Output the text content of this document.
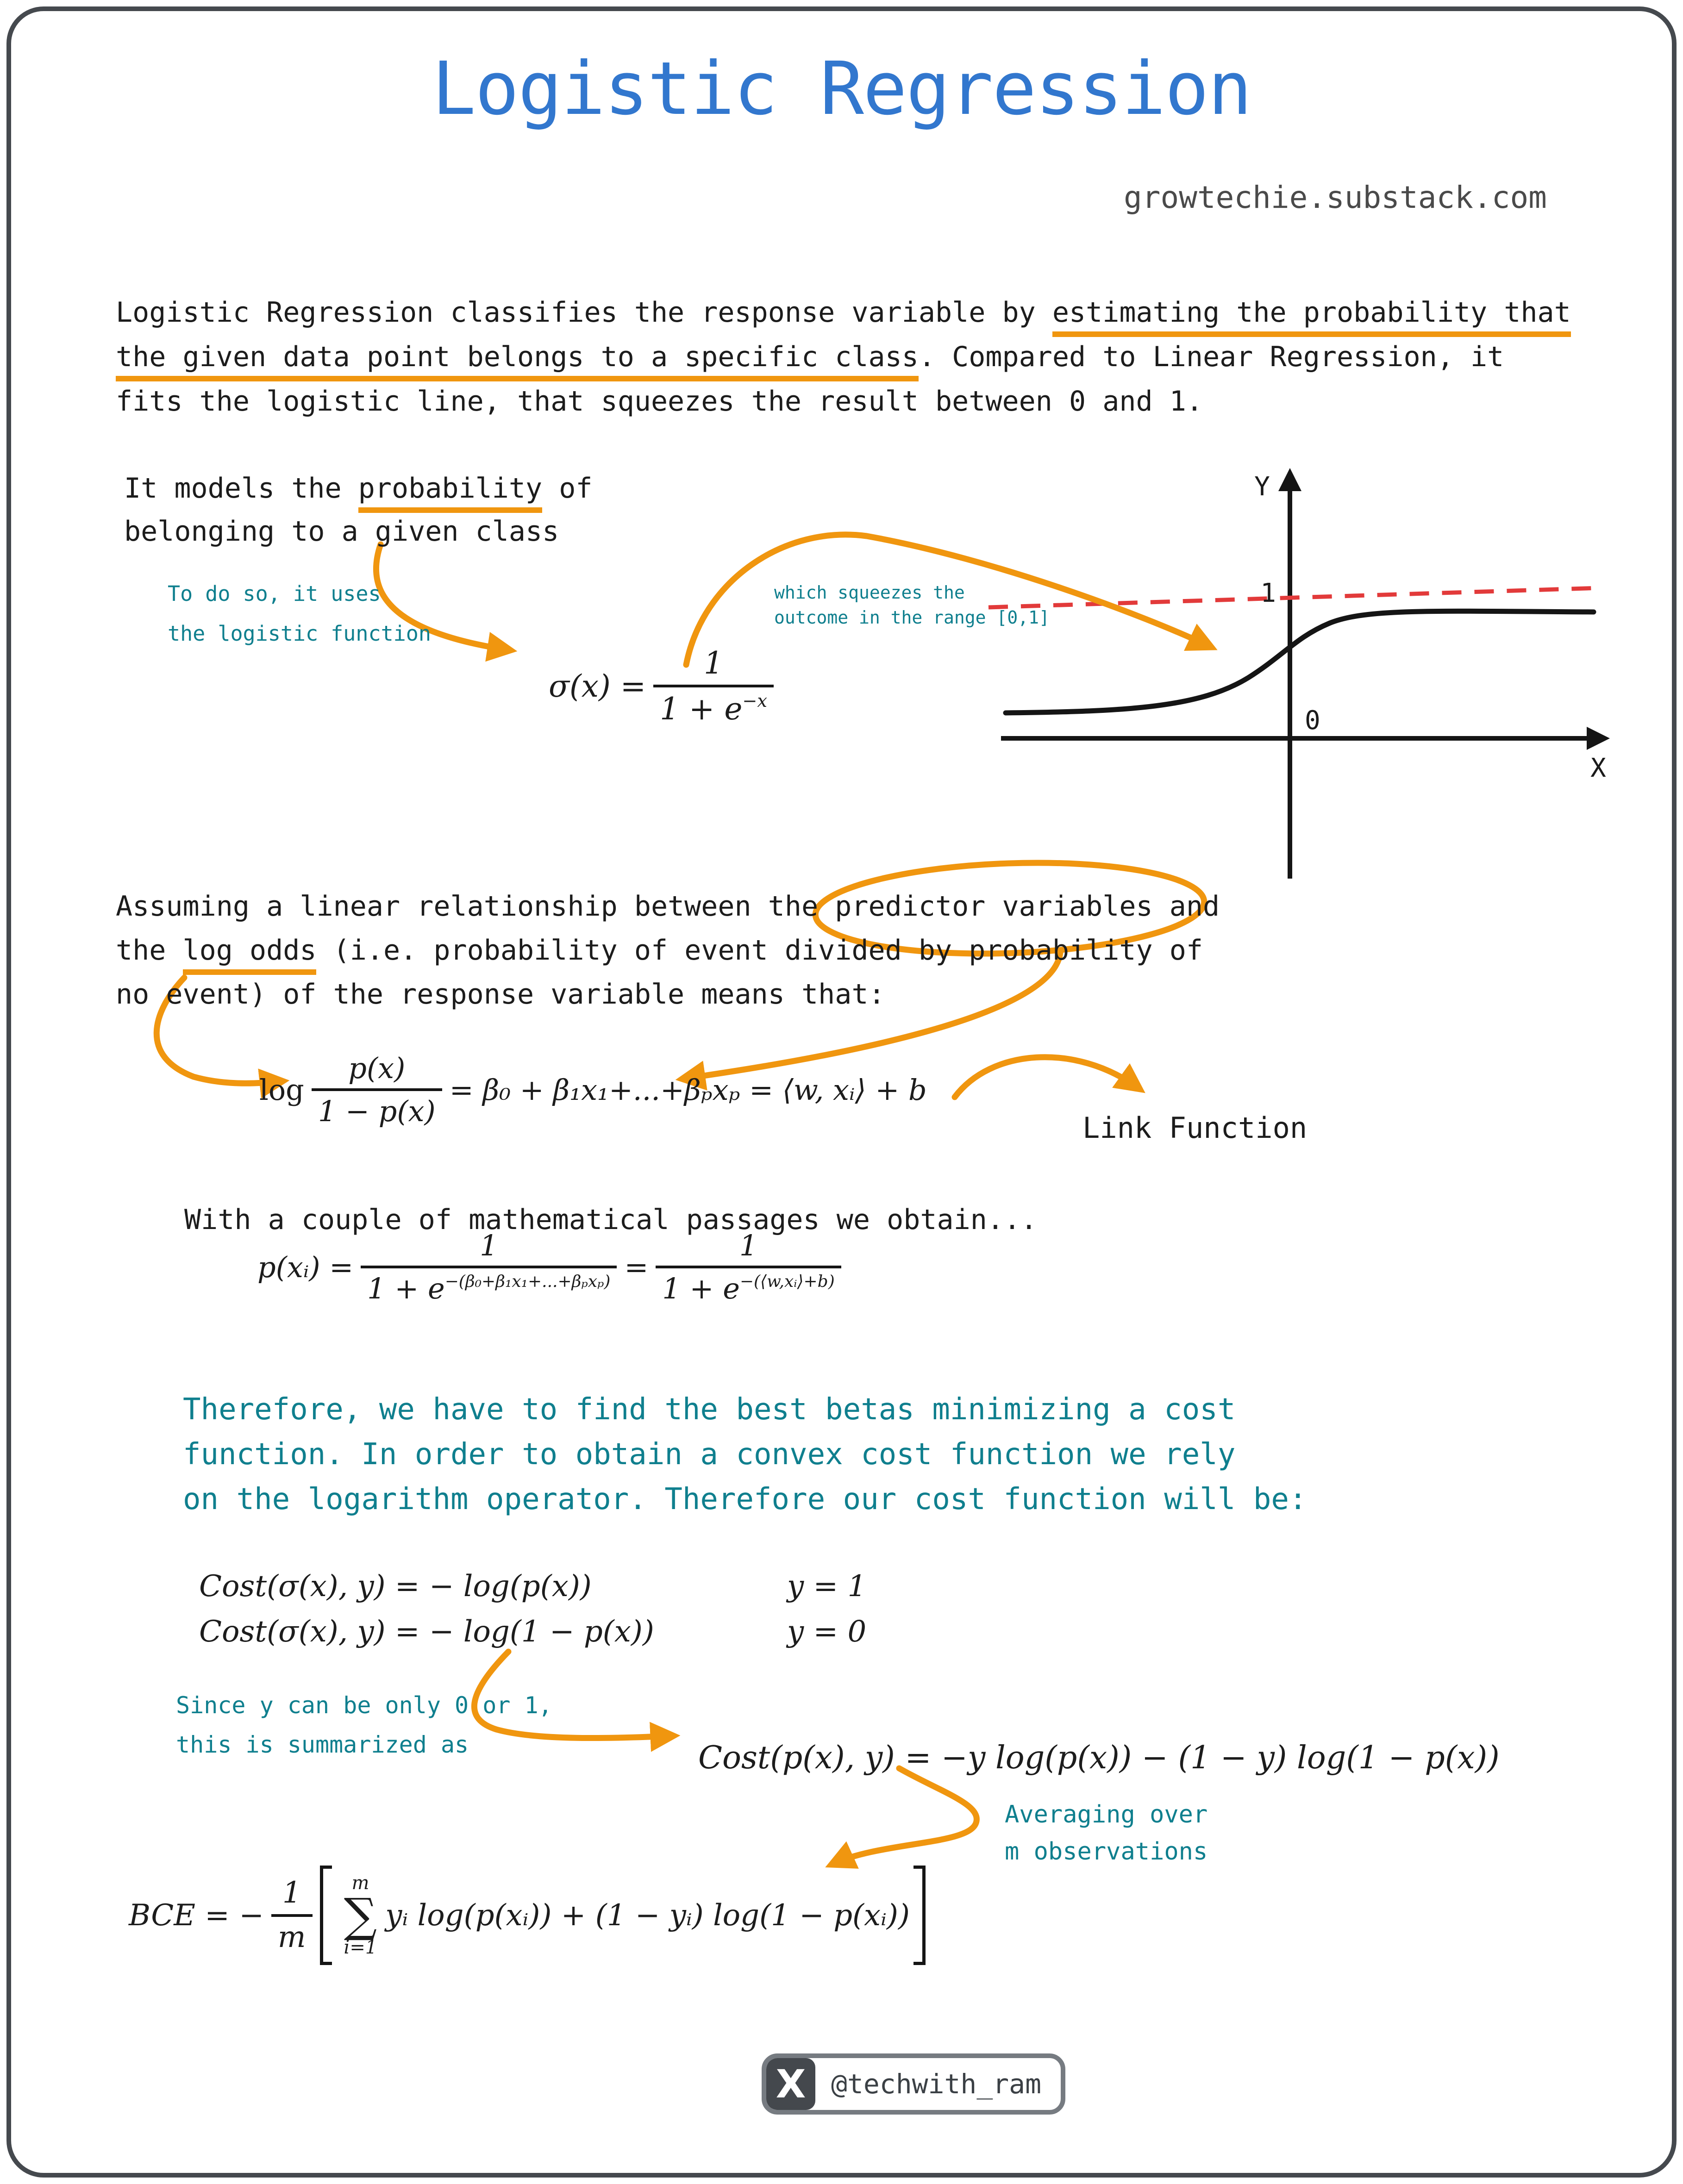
Y
X
1
0
Logistic Regression
growtechie.substack.com
Logistic Regression classifies the response variable by estimating the probability that
the given data point belongs to a specific class. Compared to Linear Regression, it
fits the logistic line, that squeezes the result between 0 and 1.
It models the probability of
belonging to a given class
To do so, it uses
the logistic function
which squeezes the
outcome in the range [0,1]
σ(x) =
1
$1 + e^{-x}$
Assuming a linear relationship between the predictor variables and
the log odds (i.e. probability of event divided by probability of
no event) of the response variable means that:
log
p(x)
1 − p(x)
= β₀ + β₁x₁+...+βₚxₚ = ⟨w, xᵢ⟩ + b
Link Function
With a couple of mathematical passages we obtain...
p(xᵢ) =
1
$1 + e^{-(\beta_0+\beta_1x_1+...+\beta_px_p)}$ =
1
$1 + e^{-(⟨w,xᵢ⟩+b)}$
Therefore, we have to find the best betas minimizing a cost
function. In order to obtain a convex cost function we rely
on the logarithm operator. Therefore our cost function will be:
Cost(σ(x), y) = − log(p(x))	y = 1
Cost(σ(x), y) = − log(1 − p(x))	y = 0
Since y can be only 0 or 1,
this is summarized as	Cost(p(x), y) = −y log(p(x)) − (1 − y) log(1 − p(x))
Averaging over
m observations
BCE = −
1
m
m
∑
i=1
yᵢ log(p(xᵢ)) + (1 − yᵢ) log(1 − p(xᵢ))
X @techwith_ram
